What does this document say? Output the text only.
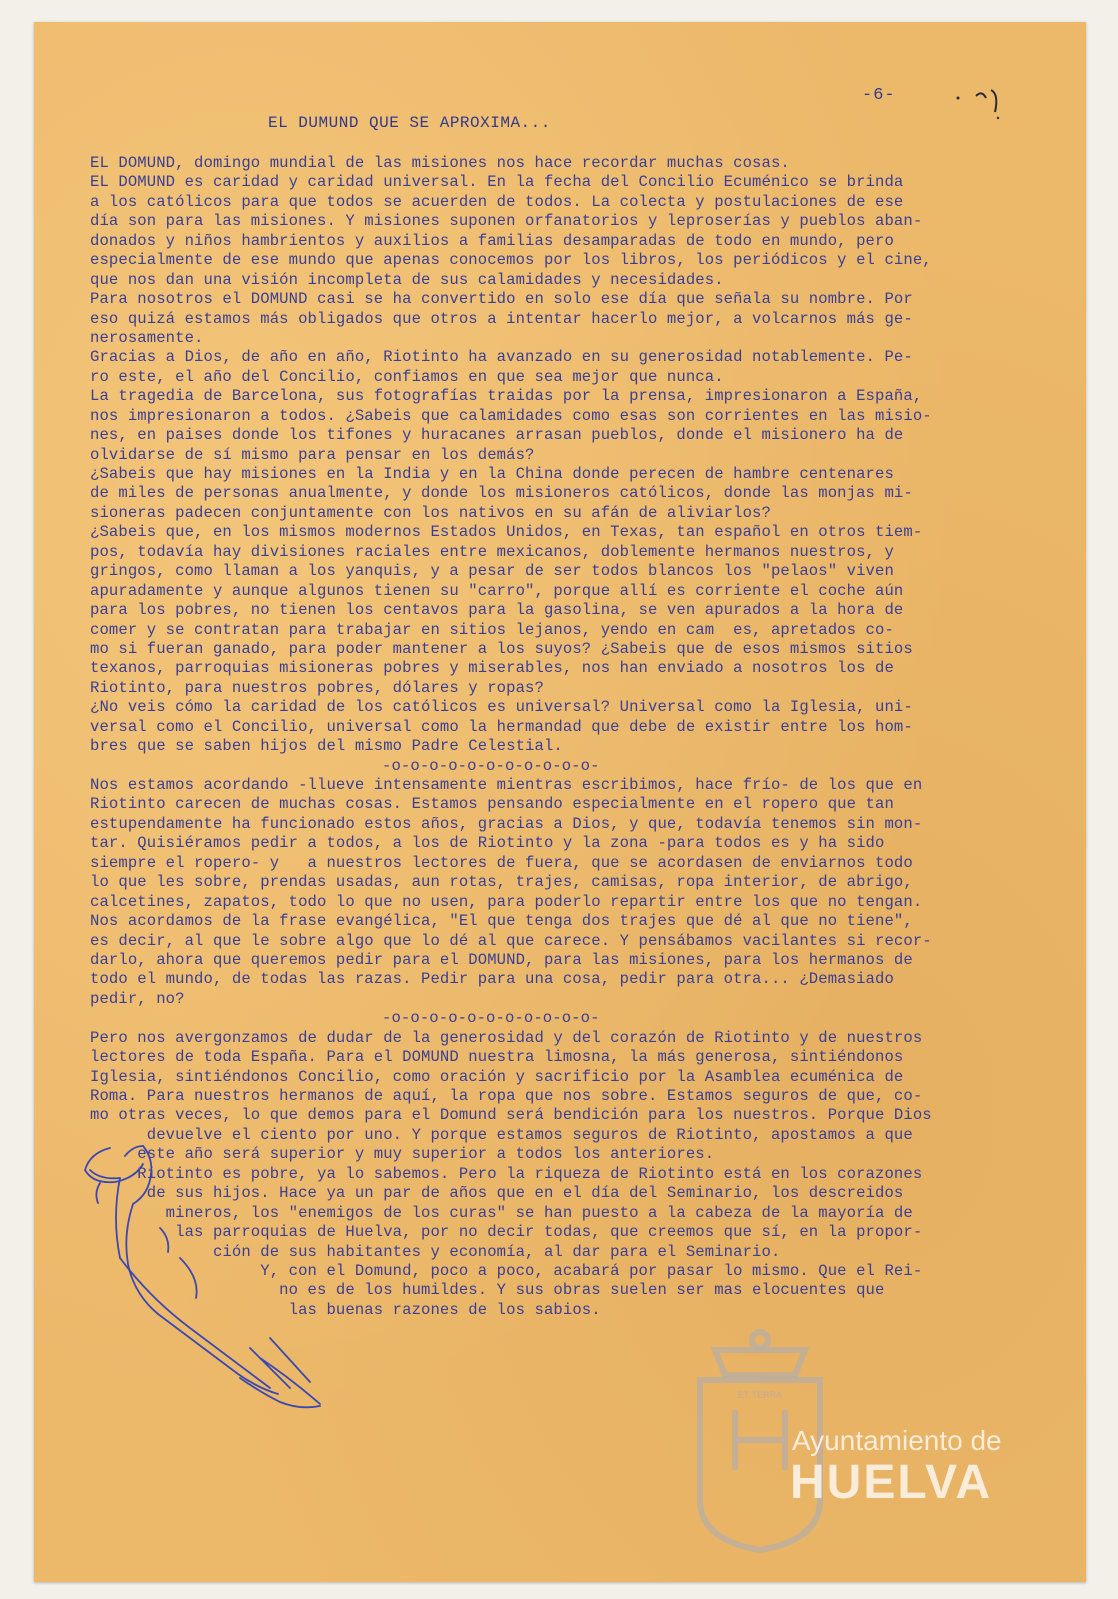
-6-
EL DUMUND QUE SE APROXIMA...
EL DOMUND, domingo mundial de las misiones nos hace recordar muchas cosas.
EL DOMUND es caridad y caridad universal. En la fecha del Concilio Ecuménico se brinda
a los católicos para que todos se acuerden de todos. La colecta y postulaciones de ese
día son para las misiones. Y misiones suponen orfanatorios y leproserías y pueblos aban-
donados y niños hambrientos y auxilios a familias desamparadas de todo en mundo, pero
especialmente de ese mundo que apenas conocemos por los libros, los periódicos y el cine,
que nos dan una visión incompleta de sus calamidades y necesidades.
Para nosotros el DOMUND casi se ha convertido en solo ese día que señala su nombre. Por
eso quizá estamos más obligados que otros a intentar hacerlo mejor, a volcarnos más ge-
nerosamente.
Gracias a Dios, de año en año, Riotinto ha avanzado en su generosidad notablemente. Pe-
ro este, el año del Concilio, confiamos en que sea mejor que nunca.
La tragedia de Barcelona, sus fotografías traidas por la prensa, impresionaron a España,
nos impresionaron a todos. ¿Sabeis que calamidades como esas son corrientes en las misio-
nes, en paises donde los tifones y huracanes arrasan pueblos, donde el misionero ha de
olvidarse de sí mismo para pensar en los demás?
¿Sabeis que hay misiones en la India y en la China donde perecen de hambre centenares
de miles de personas anualmente, y donde los misioneros católicos, donde las monjas mi-
sioneras padecen conjuntamente con los nativos en su afán de aliviarlos?
¿Sabeis que, en los mismos modernos Estados Unidos, en Texas, tan español en otros tiem-
pos, todavía hay divisiones raciales entre mexicanos, doblemente hermanos nuestros, y
gringos, como llaman a los yanquis, y a pesar de ser todos blancos los "pelaos" viven
apuradamente y aunque algunos tienen su "carro", porque allí es corriente el coche aún
para los pobres, no tienen los centavos para la gasolina, se ven apurados a la hora de
comer y se contratan para trabajar en sitios lejanos, yendo en cam  es, apretados co-
mo si fueran ganado, para poder mantener a los suyos? ¿Sabeis que de esos mismos sitios
texanos, parroquias misioneras pobres y miserables, nos han enviado a nosotros los de
Riotinto, para nuestros pobres, dólares y ropas?
¿No veis cómo la caridad de los católicos es universal? Universal como la Iglesia, uni-
versal como el Concilio, universal como la hermandad que debe de existir entre los hom-
bres que se saben hijos del mismo Padre Celestial.
-o-o-o-o-o-o-o-o-o-o-o-
Nos estamos acordando -llueve intensamente mientras escribimos, hace frío- de los que en
Riotinto carecen de muchas cosas. Estamos pensando especialmente en el ropero que tan
estupendamente ha funcionado estos años, gracias a Dios, y que, todavía tenemos sin mon-
tar. Quisiéramos pedir a todos, a los de Riotinto y la zona -para todos es y ha sido
siempre el ropero- y   a nuestros lectores de fuera, que se acordasen de enviarnos todo
lo que les sobre, prendas usadas, aun rotas, trajes, camisas, ropa interior, de abrigo,
calcetines, zapatos, todo lo que no usen, para poderlo repartir entre los que no tengan.
Nos acordamos de la frase evangélica, "El que tenga dos trajes que dé al que no tiene",
es decir, al que le sobre algo que lo dé al que carece. Y pensábamos vacilantes si recor-
darlo, ahora que queremos pedir para el DOMUND, para las misiones, para los hermanos de
todo el mundo, de todas las razas. Pedir para una cosa, pedir para otra... ¿Demasiado
pedir, no?
-o-o-o-o-o-o-o-o-o-o-o-
Pero nos avergonzamos de dudar de la generosidad y del corazón de Riotinto y de nuestros
lectores de toda España. Para el DOMUND nuestra limosna, la más generosa, sintiéndonos
Iglesia, sintiéndonos Concilio, como oración y sacrificio por la Asamblea ecuménica de
Roma. Para nuestros hermanos de aquí, la ropa que nos sobre. Estamos seguros de que, co-
mo otras veces, lo que demos para el Domund será bendición para los nuestros. Porque Dios
devuelve el ciento por uno. Y porque estamos seguros de Riotinto, apostamos a que
este año será superior y muy superior a todos los anteriores.
Riotinto es pobre, ya lo sabemos. Pero la riqueza de Riotinto está en los corazones
de sus hijos. Hace ya un par de años que en el día del Seminario, los descreidos
mineros, los "enemigos de los curas" se han puesto a la cabeza de la mayoría de
las parroquias de Huelva, por no decir todas, que creemos que sí, en la propor-
ción de sus habitantes y economía, al dar para el Seminario.
Y, con el Domund, poco a poco, acabará por pasar lo mismo. Que el Rei-
no es de los humildes. Y sus obras suelen ser mas elocuentes que
las buenas razones de los sabios.
ET TERRA
Ayuntamiento de
HUELVA
